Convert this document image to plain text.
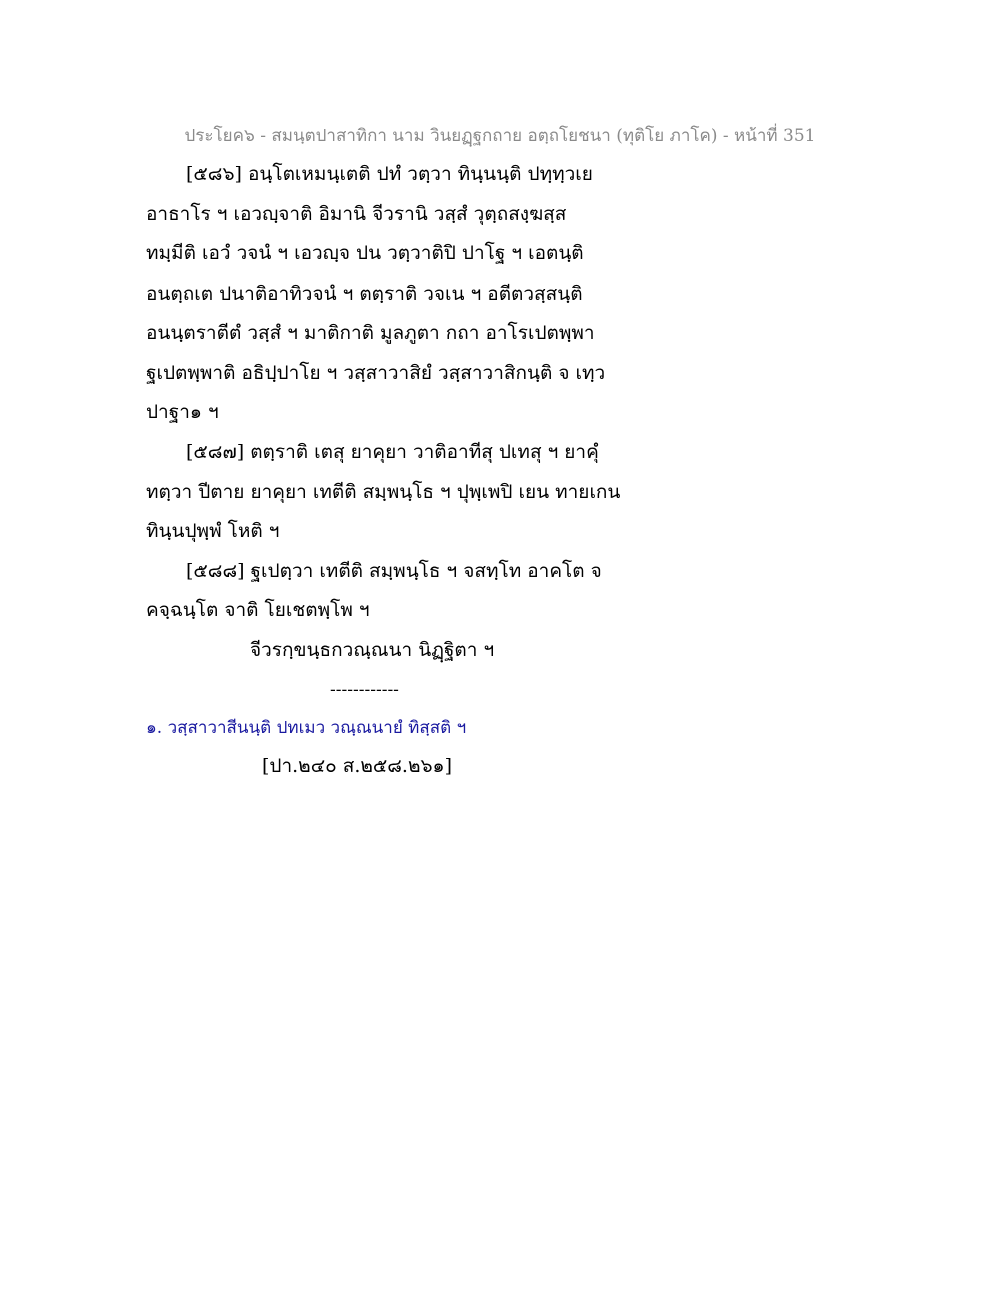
ประโยค๖ - สมนฺตปาสาทิกา นาม วินยฏฺฐกถาย อตฺถโยชนา (ทุติโย ภาโค) - หน้าที่ 351
[๕๘๖] อนฺโตเหมนฺเตติ ปทํ วตฺวา ทินฺนนฺติ ปทฺทฺวเย
อาธาโร ฯ เอวญฺจาติ อิมานิ จีวรานิ วสฺสํ วุตฺถสงฺฆสฺส
ทมฺมีติ เอวํ วจนํ ฯ เอวญฺจ ปน วตฺวาติปิ ปาโฐ ฯ เอตนฺติ
อนตฺถเต ปนาติอาทิวจนํ ฯ ตตฺราติ วจเน ฯ อตีตวสฺสนฺติ
อนนฺตราตีตํ วสฺสํ ฯ มาติกาติ มูลภูตา กถา อาโรเปตพฺพา
ฐเปตพฺพาติ อธิปฺปาโย ฯ วสฺสาวาสิยํ วสฺสาวาสิกนฺติ จ เทฺว
ปาฐา๑ ฯ
[๕๘๗] ตตฺราติ เตสุ ยาคุยา วาติอาทีสุ ปเทสุ ฯ ยาคุํ
ทตฺวา ปีตาย ยาคุยา เทตีติ สมฺพนฺโธ ฯ ปุพฺเพปิ เยน ทายเกน
ทินฺนปุพฺพํ โหติ ฯ
[๕๘๘] ฐเปตฺวา เทตีติ สมฺพนฺโธ ฯ จสทฺโท อาคโต จ
คจฺฉนฺโต จาติ โยเชตพฺโพ ฯ
จีวรกฺขนฺธกวณฺณนา นิฏฺฐิตา ฯ
------------
๑. วสฺสาวาสีนนฺติ ปทเมว วณฺณนายํ ทิสฺสติ ฯ
[ปา.๒๔๐ ส.๒๕๘.๒๖๑]
